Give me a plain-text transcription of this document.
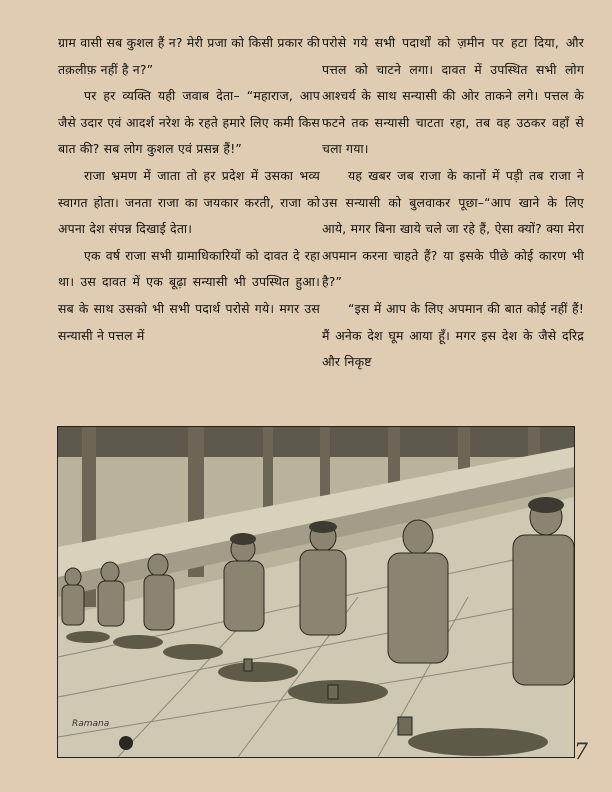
ग्राम वासी सब कुशल हैं न? मेरी प्रजा को किसी प्रकार की तक़लीफ़ नहीं है न?”

पर हर व्यक्ति यही जवाब देता– “महाराज, आप जैसे उदार एवं आदर्श नरेश के रहते हमारे लिए कमी किस बात की? सब लोग कुशल एवं प्रसन्न हैं!”

राजा भ्रमण में जाता तो हर प्रदेश में उसका भव्य स्वागत होता। जनता राजा का जयकार करती, राजा को अपना देश संपन्न दिखाई देता।

एक वर्ष राजा सभी ग्रामाधिकारियों को दावत दे रहा था। उस दावत में एक बूढ़ा सन्यासी भी उपस्थित हुआ। सब के साथ उसको भी सभी पदार्थ परोसे गये। मगर उस सन्यासी ने पत्तल में

परोसे गये सभी पदार्थों को ज़मीन पर हटा दिया, और पत्तल को चाटने लगा। दावत में उपस्थित सभी लोग आश्चर्य के साथ सन्यासी की ओर ताकने लगे। पत्तल के फटने तक सन्यासी चाटता रहा, तब वह उठकर वहाँ से चला गया।

यह खबर जब राजा के कानों में पड़ी तब राजा ने उस सन्यासी को बुलवाकर पूछा–“आप खाने के लिए आये, मगर बिना खाये चले जा रहे हैं, ऐसा क्यों? क्या मेरा अपमान करना चाहते हैं? या इसके पीछे कोई कारण भी है?”

“इस में आप के लिए अपमान की बात कोई नहीं हैं! मैं अनेक देश घूम आया हूँ। मगर इस देश के जैसे दरिद्र और निकृष्ट

Ramana
7
